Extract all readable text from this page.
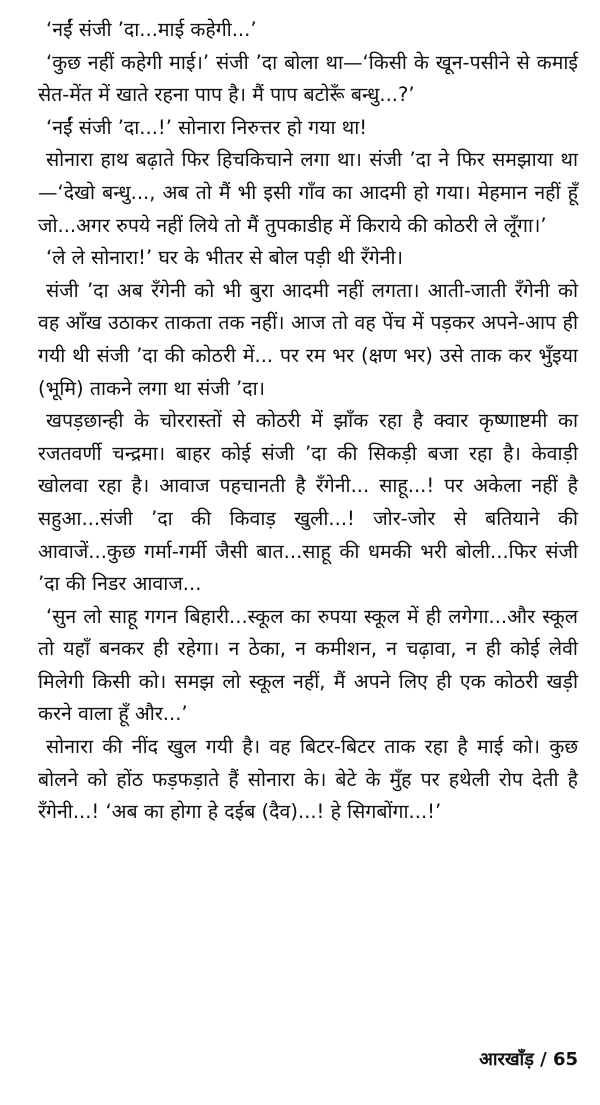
‘नईं संजी ’दा...माई कहेगी...’

‘कुछ नहीं कहेगी माई।’ संजी ’दा बोला था—‘किसी के खून-पसीने से कमाई सेत-मेंत में खाते रहना पाप है। मैं पाप बटोरूँ बन्धु...?’

‘नईं संजी ’दा...!’ सोनारा निरुत्तर हो गया था!

सोनारा हाथ बढ़ाते फिर हिचकिचाने लगा था। संजी ’दा ने फिर समझाया था—‘देखो बन्धु..., अब तो मैं भी इसी गाँव का आदमी हो गया। मेहमान नहीं हूँ जो...अगर रुपये नहीं लिये तो मैं तुपकाडीह में किराये की कोठरी ले लूँगा।’

‘ले ले सोनारा!’ घर के भीतर से बोल पड़ी थी रँगेनी।

संजी ’दा अब रँगेनी को भी बुरा आदमी नहीं लगता। आती-जाती रँगेनी को वह आँख उठाकर ताकता तक नहीं। आज तो वह पेंच में पड़कर अपने-आप ही गयी थी संजी ’दा की कोठरी में... पर रम भर (क्षण भर) उसे ताक कर भुँइया (भूमि) ताकने लगा था संजी ’दा।

खपड़छान्ही के चोररास्तों से कोठरी में झाँक रहा है क्वार कृष्णाष्टमी का रजतवर्णी चन्द्रमा। बाहर कोई संजी ’दा की सिकड़ी बजा रहा है। केवाड़ी खोलवा रहा है। आवाज पहचानती है रँगेनी... साहू...! पर अकेला नहीं है सहुआ...संजी ’दा की किवाड़ खुली...! जोर-जोर से बतियाने की आवाजें...कुछ गर्मा-गर्मी जैसी बात...साहू की धमकी भरी बोली...फिर संजी ’दा की निडर आवाज...

‘सुन लो साहू गगन बिहारी...स्कूल का रुपया स्कूल में ही लगेगा...और स्कूल तो यहाँ बनकर ही रहेगा। न ठेका, न कमीशन, न चढ़ावा, न ही कोई लेवी मिलेगी किसी को। समझ लो स्कूल नहीं, मैं अपने लिए ही एक कोठरी खड़ी करने वाला हूँ और...’

सोनारा की नींद खुल गयी है। वह बिटर-बिटर ताक रहा है माई को। कुछ बोलने को होंठ फड़फड़ाते हैं सोनारा के। बेटे के मुँह पर हथेली रोप देती है रँगेनी...! ‘अब का होगा हे दईब (दैव)...! हे सिगबोंगा...!’

आरखाँड़ / 65
